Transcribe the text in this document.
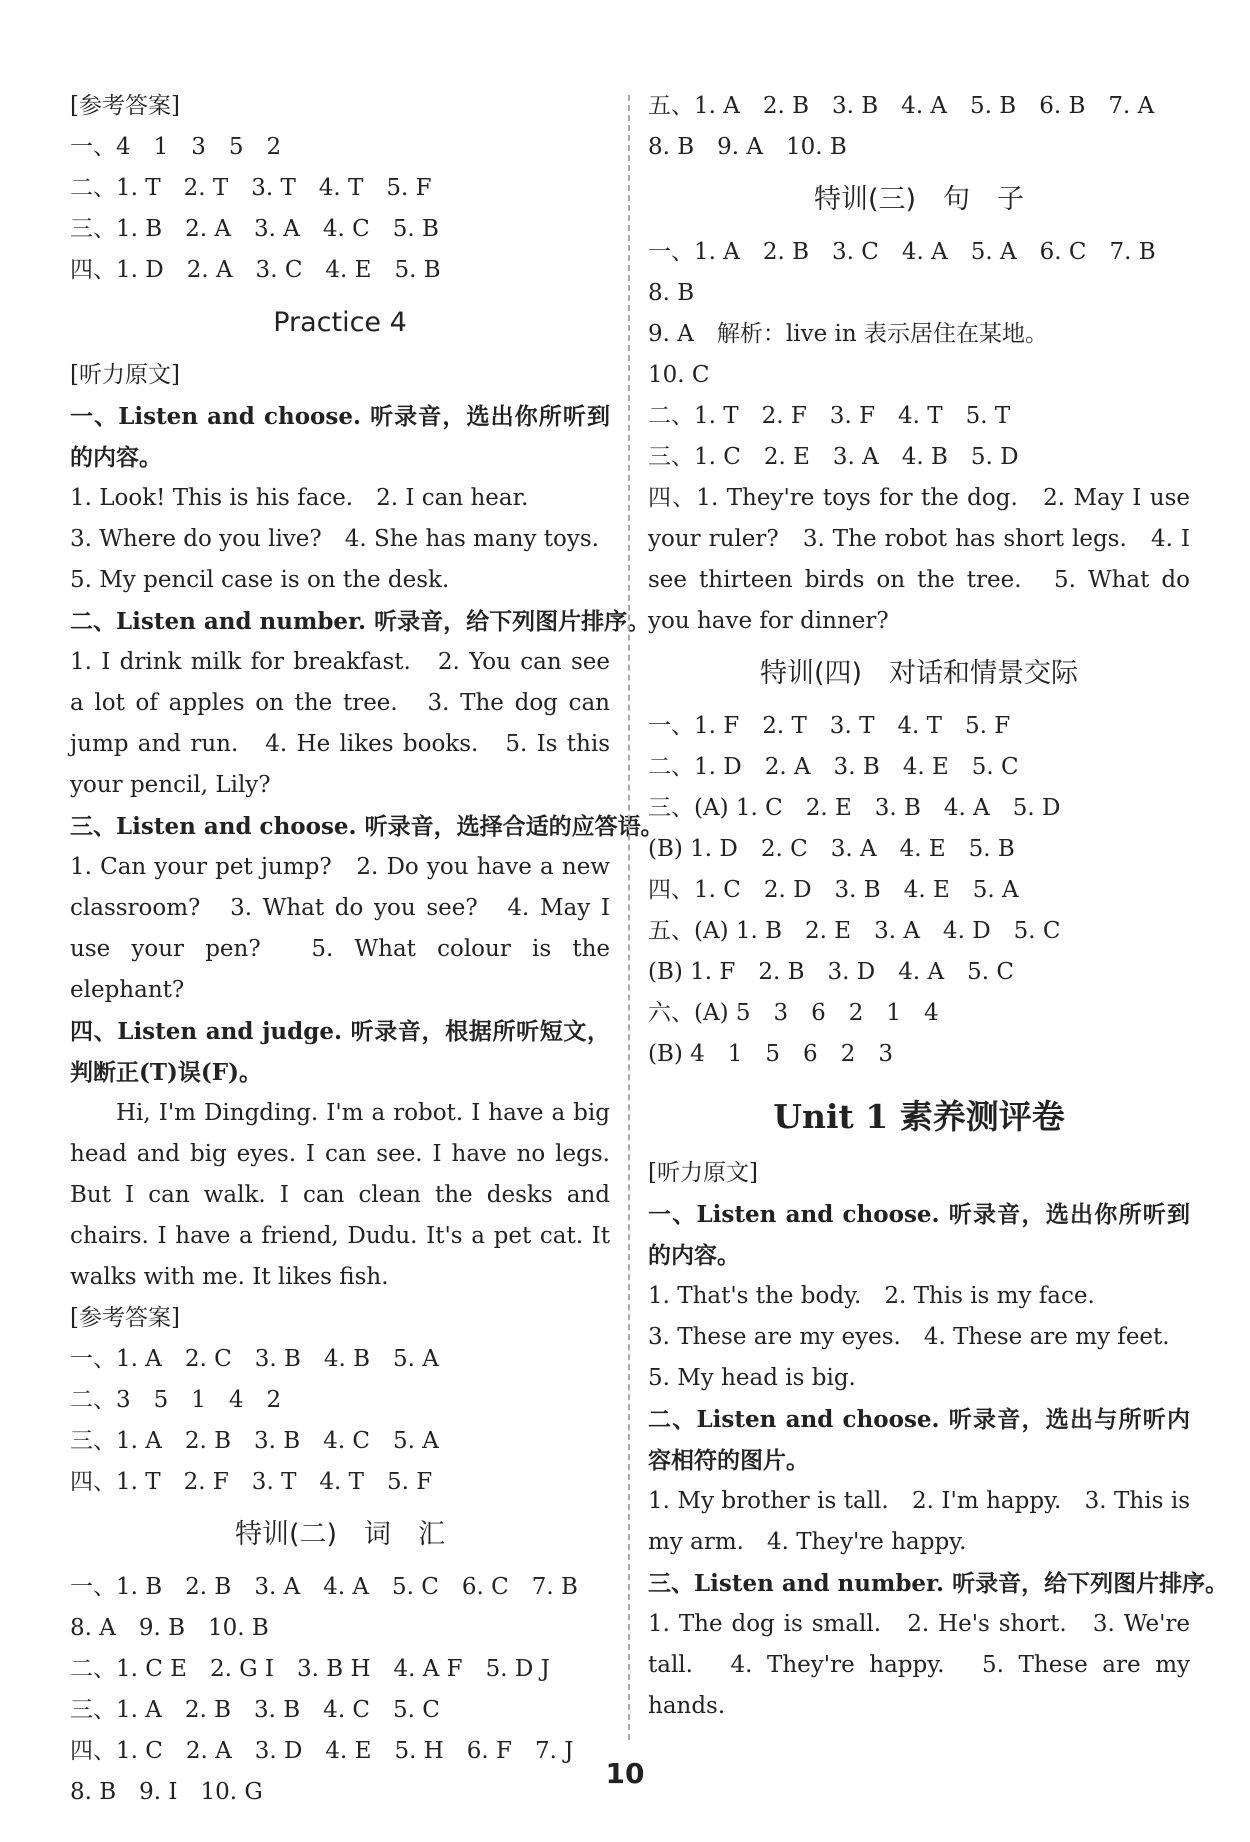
[参考答案]
一、4　1　3　5　2
二、1. T　2. T　3. T　4. T　5. F
三、1. B　2. A　3. A　4. C　5. B
四、1. D　2. A　3. C　4. E　5. B
Practice 4
[听力原文]
一、Listen and choose. 听录音，选出你所听到的内容。
1. Look! This is his face.　2. I can hear.
3. Where do you live?　4. She has many toys.
5. My pencil case is on the desk.
二、Listen and number. 听录音，给下列图片排序。
1. I drink milk for breakfast.　2. You can see a lot of apples on the tree.　3. The dog can jump and run.　4. He likes books.　5. Is this your pencil, Lily?
三、Listen and choose. 听录音，选择合适的应答语。
1. Can your pet jump?　2. Do you have a new classroom?　3. What do you see?　4. May I use your pen?　5. What colour is the elephant?
四、Listen and judge. 听录音，根据所听短文，判断正(T)误(F)。
Hi, I'm Dingding. I'm a robot. I have a big head and big eyes. I can see. I have no legs. But I can walk. I can clean the desks and chairs. I have a friend, Dudu. It's a pet cat. It walks with me. It likes fish.
[参考答案]
一、1. A　2. C　3. B　4. B　5. A
二、3　5　1　4　2
三、1. A　2. B　3. B　4. C　5. A
四、1. T　2. F　3. T　4. T　5. F
特训(二)　词　汇
一、1. B　2. B　3. A　4. A　5. C　6. C　7. B
8. A　9. B　10. B
二、1. C E　2. G I　3. B H　4. A F　5. D J
三、1. A　2. B　3. B　4. C　5. C
四、1. C　2. A　3. D　4. E　5. H　6. F　7. J
8. B　9. I　10. G
五、1. A　2. B　3. B　4. A　5. B　6. B　7. A
8. B　9. A　10. B
特训(三)　句　子
一、1. A　2. B　3. C　4. A　5. A　6. C　7. B
8. B
9. A　解析：live in 表示居住在某地。
10. C
二、1. T　2. F　3. F　4. T　5. T
三、1. C　2. E　3. A　4. B　5. D
四、1. They're toys for the dog.　2. May I use your ruler?　3. The robot has short legs.　4. I see thirteen birds on the tree.　5. What do you have for dinner?
特训(四)　对话和情景交际
一、1. F　2. T　3. T　4. T　5. F
二、1. D　2. A　3. B　4. E　5. C
三、(A) 1. C　2. E　3. B　4. A　5. D
(B) 1. D　2. C　3. A　4. E　5. B
四、1. C　2. D　3. B　4. E　5. A
五、(A) 1. B　2. E　3. A　4. D　5. C
(B) 1. F　2. B　3. D　4. A　5. C
六、(A) 5　3　6　2　1　4
(B) 4　1　5　6　2　3
Unit 1 素养测评卷
[听力原文]
一、Listen and choose. 听录音，选出你所听到的内容。
1. That's the body.　2. This is my face.
3. These are my eyes.　4. These are my feet.
5. My head is big.
二、Listen and choose. 听录音，选出与所听内容相符的图片。
1. My brother is tall.　2. I'm happy.　3. This is my arm.　4. They're happy.
三、Listen and number. 听录音，给下列图片排序。
1. The dog is small.　2. He's short.　3. We're tall.　4. They're happy.　5. These are my hands.
10
